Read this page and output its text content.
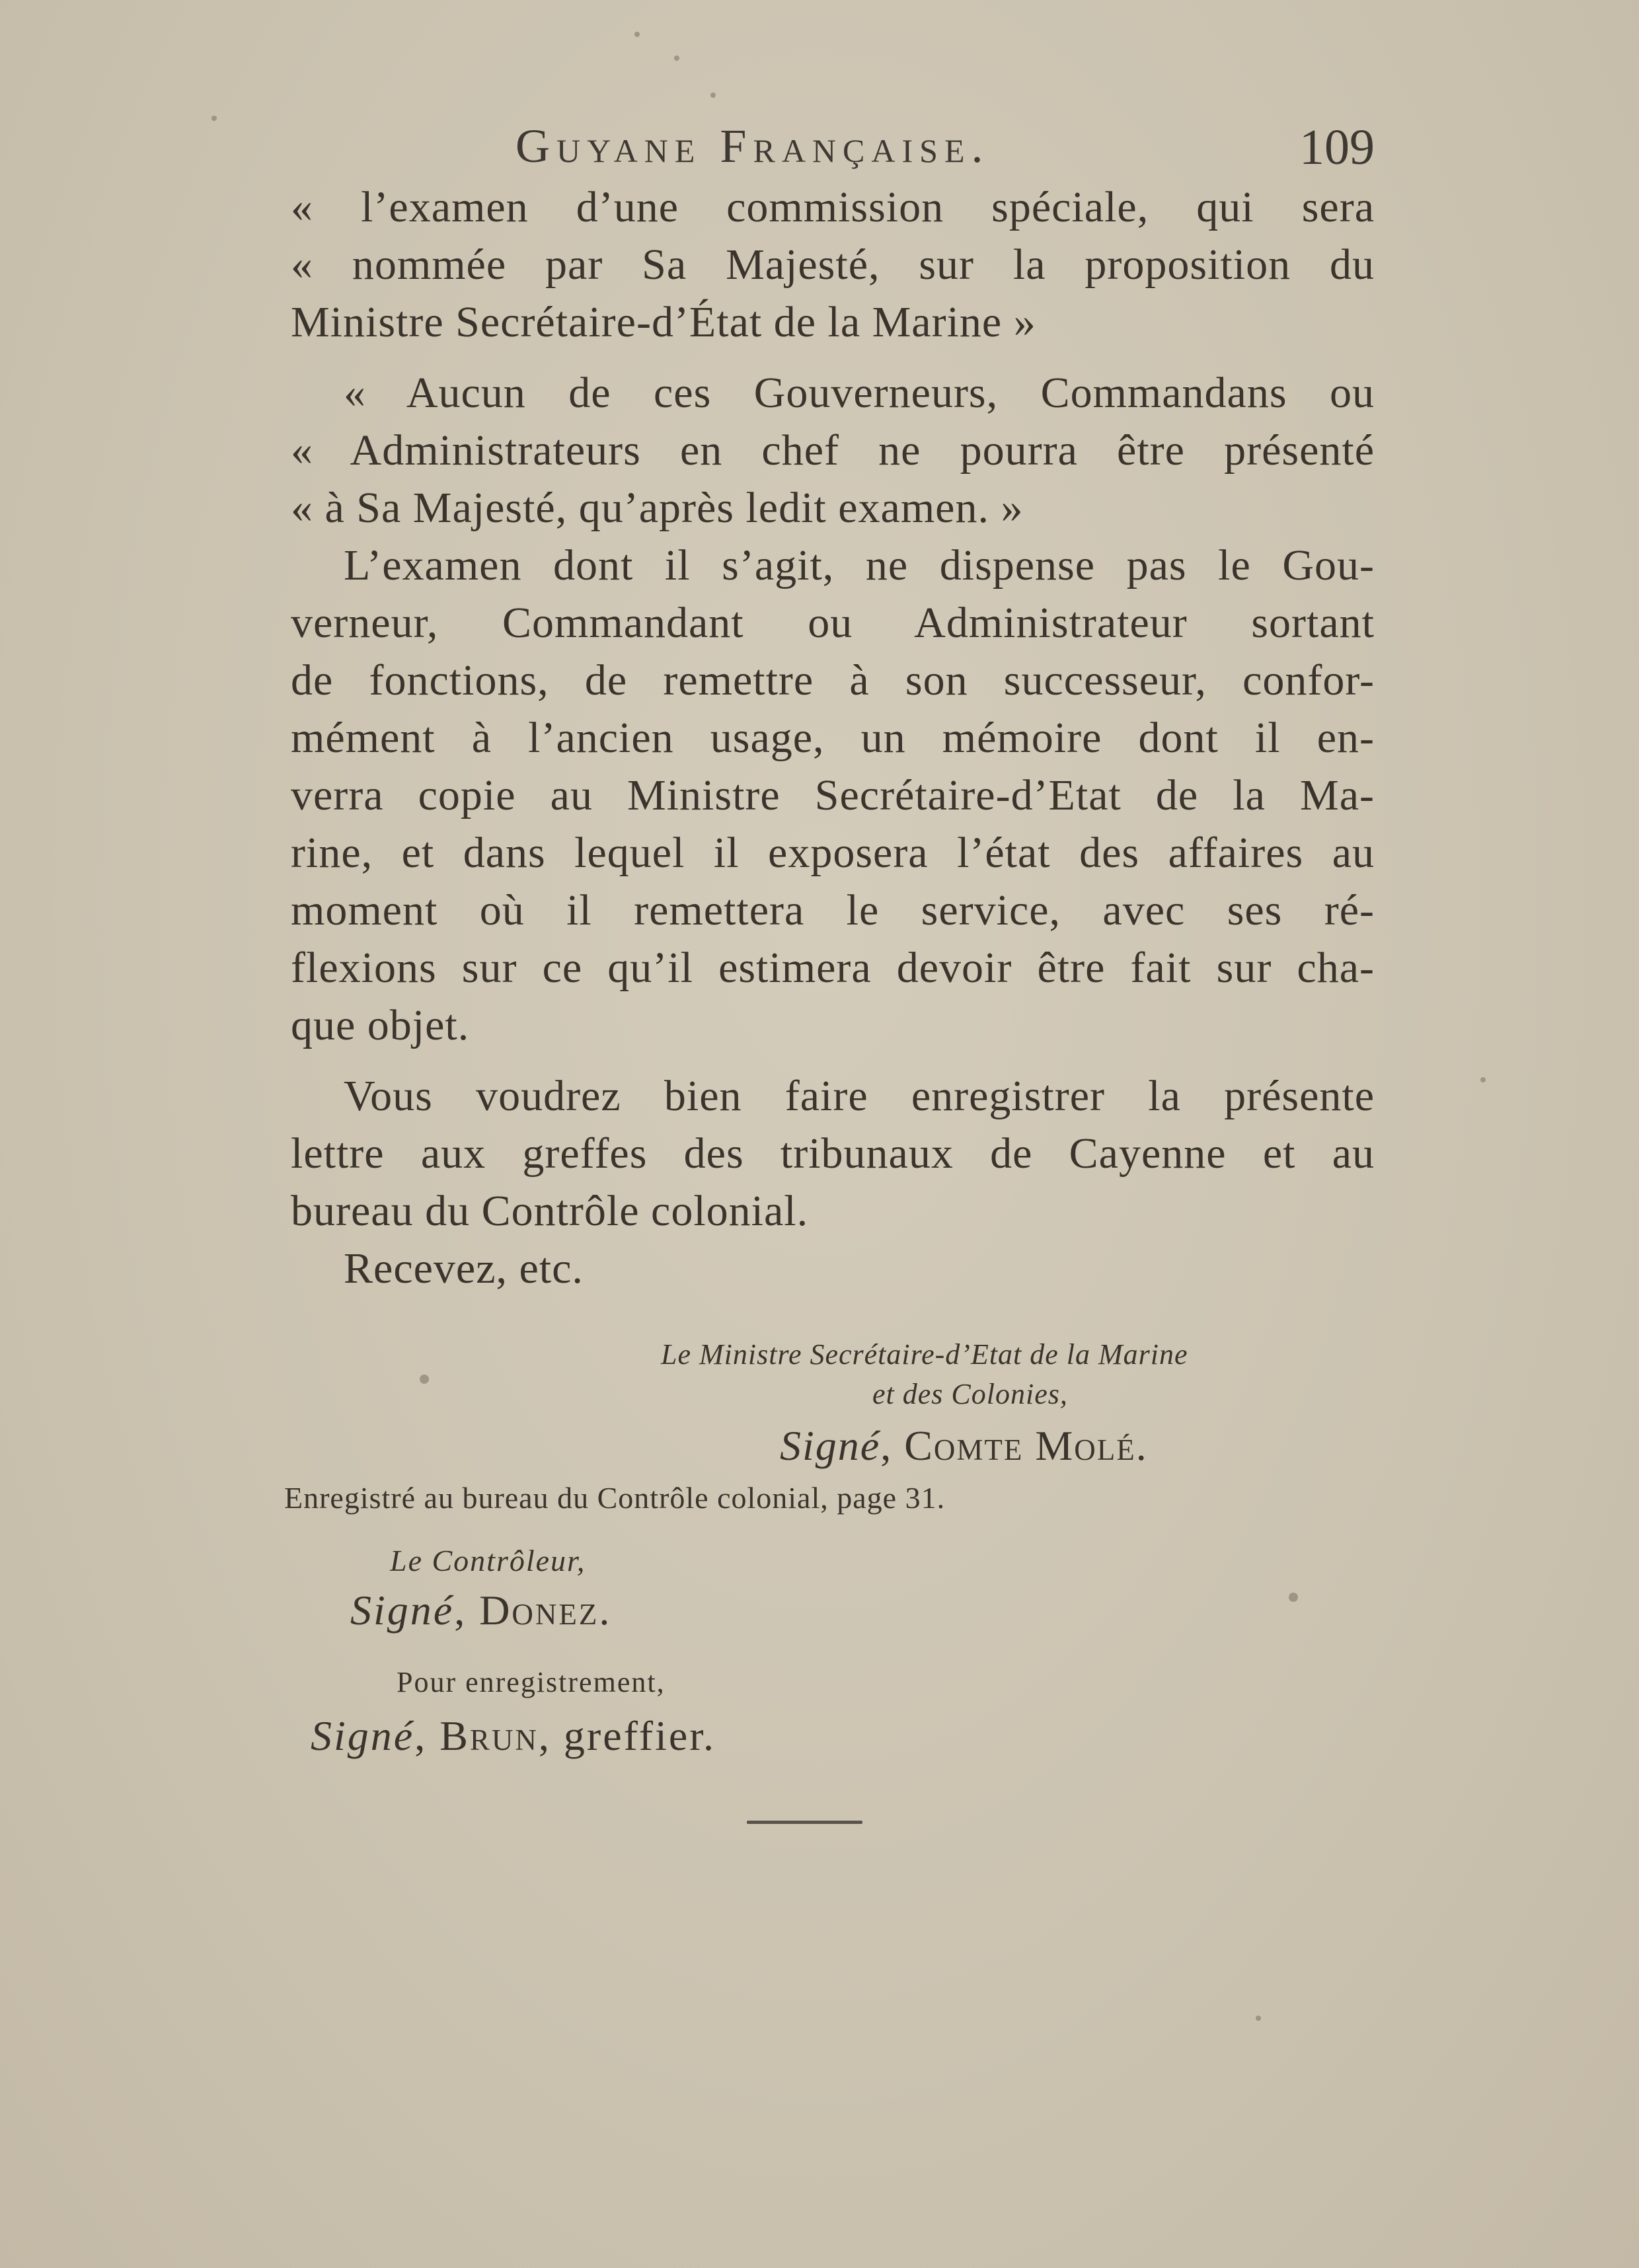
Guyane Française.	109
« l’examen d’une commission spéciale, qui sera
« nommée par Sa Majesté, sur la proposition du
Ministre Secrétaire-d’État de la Marine »
« Aucun de ces Gouverneurs, Commandans ou
« Administrateurs en chef ne pourra être présenté
« à Sa Majesté, qu’après ledit examen. »
L’examen dont il s’agit, ne dispense pas le Gou-
verneur, Commandant ou Administrateur sortant
de fonctions, de remettre à son successeur, confor-
mément à l’ancien usage, un mémoire dont il en-
verra copie au Ministre Secrétaire-d’Etat de la Ma-
rine, et dans lequel il exposera l’état des affaires au
moment où il remettera le service, avec ses ré-
flexions sur ce qu’il estimera devoir être fait sur cha-
que objet.
Vous voudrez bien faire enregistrer la présente
lettre aux greffes des tribunaux de Cayenne et au
bureau du Contrôle colonial.
Recevez, etc.
Le Ministre Secrétaire-d’Etat de la Marine
et des Colonies,
Signé, Comte Molé.
Enregistré au bureau du Contrôle colonial, page 31.
Le Contrôleur,
Signé, Donez.
Pour enregistrement,
Signé, Brun, greffier.
